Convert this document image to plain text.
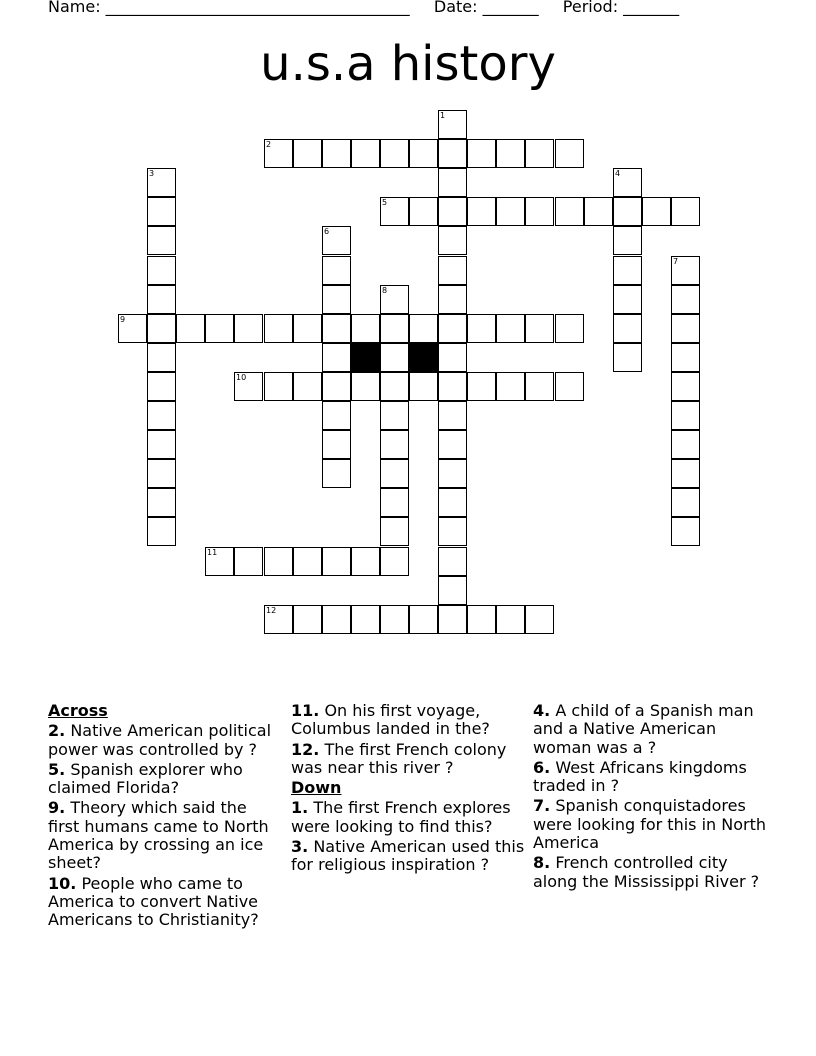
Name: ______________________________________ Date: _______ Period: _______
u.s.a history
1
2
3	4
5
6
7
8
9
10
11
12
Across
2. Native American political power was controlled by ?
5. Spanish explorer who claimed Florida?
9. Theory which said the first humans came to North America by crossing an ice sheet?
10. People who came to America to convert Native Americans to Christianity?
11. On his first voyage, Columbus landed in the?
12. The first French colony was near this river ?
Down
1. The first French explores were looking to find this?
3. Native American used this for religious inspiration ?
4. A child of a Spanish man and a Native American woman was a ?
6. West Africans kingdoms traded in ?
7. Spanish conquistadores were looking for this in North America
8. French controlled city along the Mississippi River ?
